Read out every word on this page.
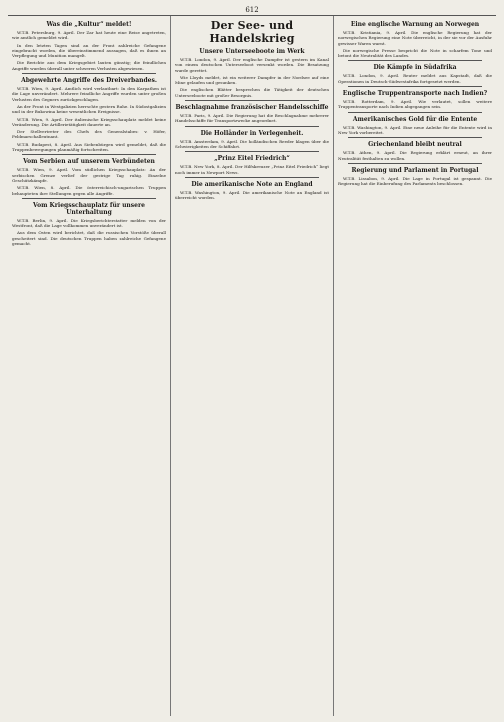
612
Was die „Kultur“ meldet!

W.T.B. Petersburg, 9. April. Der Zar hat heute eine Reise angetreten, wie amtlich gemeldet wird.

In den letzten Tagen sind an der Front zahlreiche Gefangene eingebracht worden, die übereinstimmend aussagen, daß es ihnen an Verpflegung und Munition mangelt.

Die Berichte aus dem Kriegsgebiet lauten günstig; die feindlichen Angriffe wurden überall unter schweren Verlusten abgewiesen.

Abgewehrte Angriffe des Dreiverbandes.

W.T.B. Wien, 9. April. Amtlich wird verlautbart: In den Karpathen ist die Lage unverändert. Mehrere feindliche Angriffe wurden unter großen Verlusten des Gegners zurückgeschlagen.

An der Front in Westgalizien herrschte gestern Ruhe. In Südostgalizien und in der Bukowina keine wesentlichen Ereignisse.

W.T.B. Wien, 9. April. Der italienische Kriegsschauplatz meldet keine Veränderung. Die Artillerietätigkeit dauerte an.

Der Stellvertreter des Chefs des Generalstabes: v. Höfer, Feldmarschalleutnant.

W.T.B. Budapest, 8. April. Aus Siebenbürgen wird gemeldet, daß die Truppenbewegungen planmäßig fortschreiten.

Vom Serbien auf unserem Verbündeten

W.T.B. Wien, 9. April. Vom südlichen Kriegsschauplatz: An der serbischen Grenze verlief der gestrige Tag ruhig. Einzelne Geschützkämpfe.

W.T.B. Wien, 8. April. Die österreichisch-ungarischen Truppen behaupteten ihre Stellungen gegen alle Angriffe.

Vom Kriegsschauplatz für unsere Unterhaltung

W.T.B. Berlin, 9. April. Die Kriegsberichterstatter melden von der Westfront, daß die Lage vollkommen unverändert ist.

Aus dem Osten wird berichtet, daß die russischen Vorstöße überall gescheitert sind. Die deutschen Truppen haben zahlreiche Gefangene gemacht.

Der See- und Handelskrieg
Unsere Unterseeboote im Werk

W.T.B. London, 9. April. Der englische Dampfer ist gestern im Kanal von einem deutschen Unterseeboot versenkt worden. Die Besatzung wurde gerettet.

Wie Lloyds meldet, ist ein weiterer Dampfer in der Nordsee auf eine Mine gelaufen und gesunken.

Die englischen Blätter besprechen die Tätigkeit der deutschen Unterseeboote mit großer Besorgnis.

Beschlagnahme französischer Handelsschiffe

W.T.B. Paris, 9. April. Die Regierung hat die Beschlagnahme mehrerer Handelsschiffe für Transportzwecke angeordnet.

Die Holländer in Verlegenheit.

W.T.B. Amsterdam, 9. April. Die holländischen Reeder klagen über die Schwierigkeiten der Schiffahrt.

„Prinz Eitel Friedrich“

W.T.B. New York, 8. April. Der Hilfskreuzer „Prinz Eitel Friedrich“ liegt noch immer in Newport News.

Die amerikanische Note an England

W.T.B. Washington, 9. April. Die amerikanische Note an England ist überreicht worden.

Eine englische Warnung an Norwegen

W.T.B. Kristiania, 9. April. Die englische Regierung hat der norwegischen Regierung eine Note überreicht, in der sie vor der Ausfuhr gewisser Waren warnt.

Die norwegische Presse bespricht die Note in scharfem Tone und betont die Neutralität des Landes.

Die Kämpfe in Südafrika

W.T.B. London, 9. April. Reuter meldet aus Kapstadt, daß die Operationen in Deutsch-Südwestafrika fortgesetzt werden.

Englische Truppentransporte nach Indien?

W.T.B. Rotterdam, 9. April. Wie verlautet, sollen weitere Truppentransporte nach Indien abgegangen sein.

Amerikanisches Gold für die Entente

W.T.B. Washington, 9. April. Eine neue Anleihe für die Entente wird in New York vorbereitet.

Griechenland bleibt neutral

W.T.B. Athen, 9. April. Die Regierung erklärt erneut, an ihrer Neutralität festhalten zu wollen.

Regierung und Parlament in Portugal

W.T.B. Lissabon, 9. April. Die Lage in Portugal ist gespannt. Die Regierung hat die Einberufung des Parlaments beschlossen.
